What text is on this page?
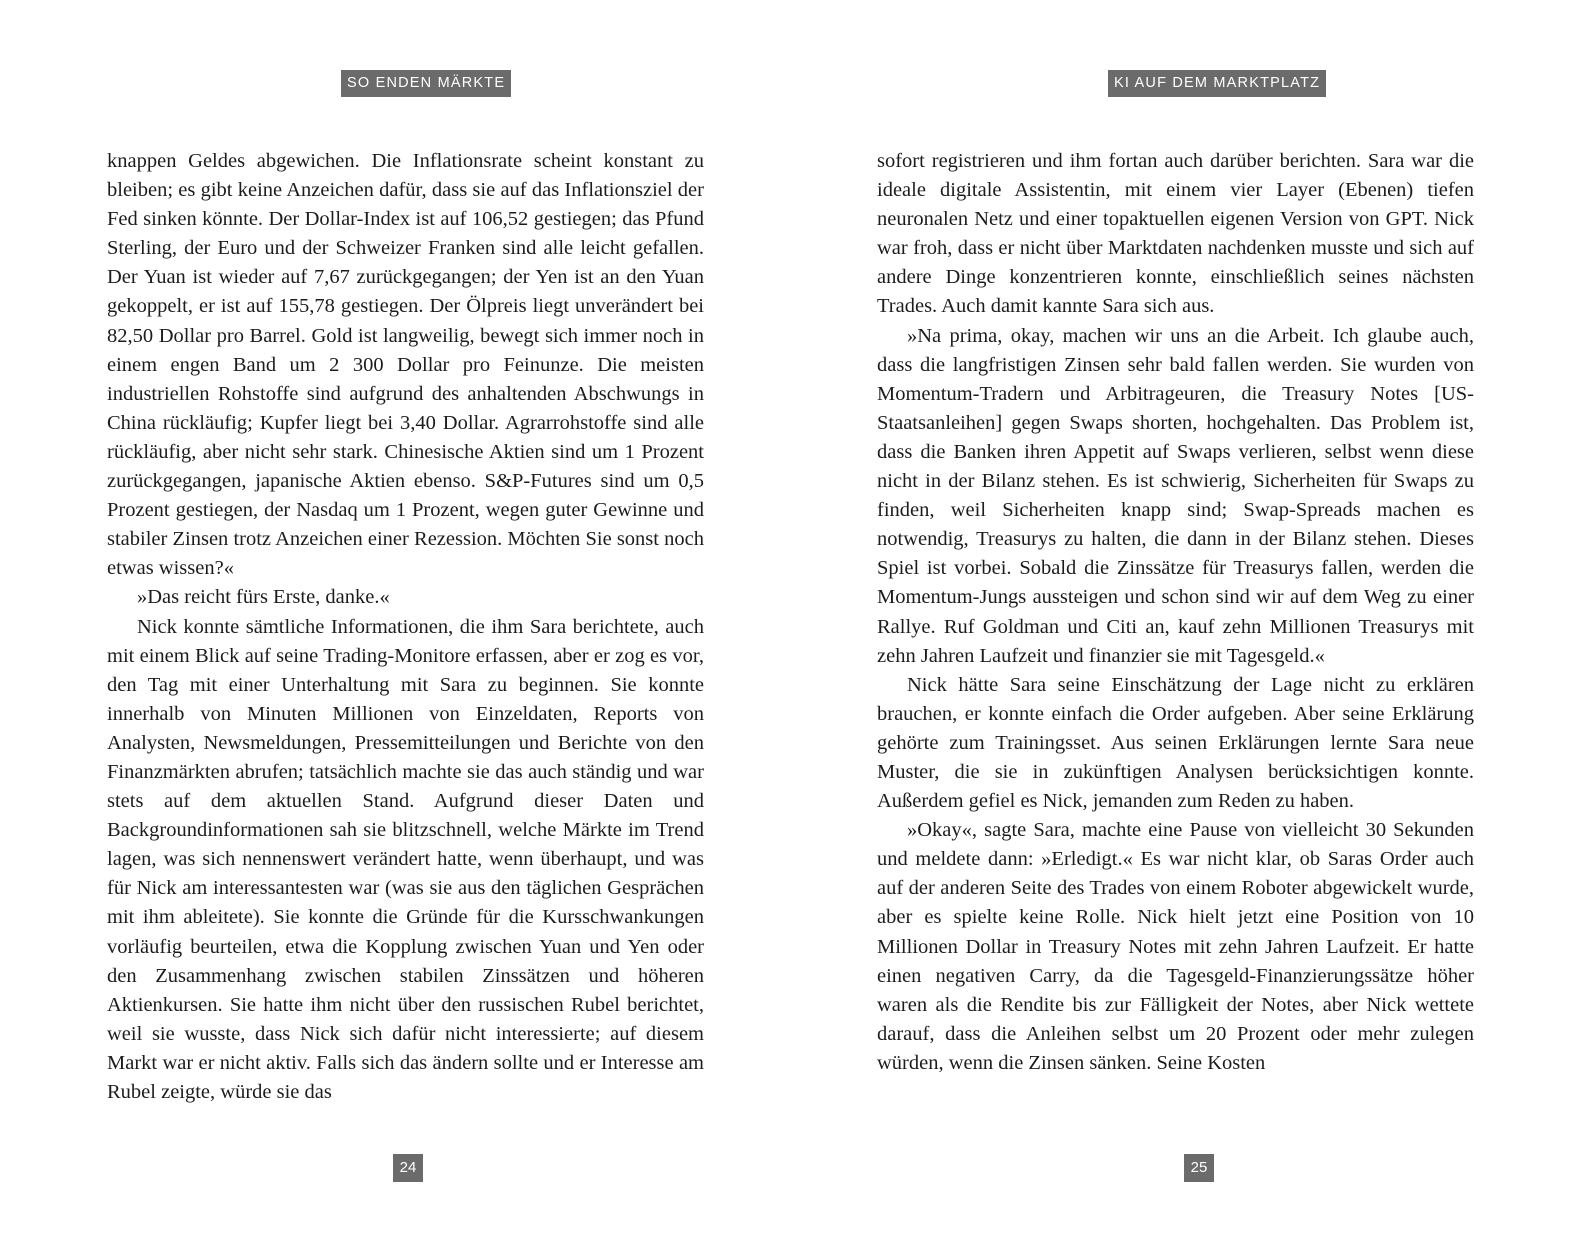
SO ENDEN MÄRKTE

knappen Geldes abgewichen. Die Inflationsrate scheint konstant zu bleiben; es gibt keine Anzeichen dafür, dass sie auf das Inflationsziel der Fed sinken könnte. Der Dollar-Index ist auf 106,52 gestiegen; das Pfund Sterling, der Euro und der Schweizer Franken sind alle leicht gefallen. Der Yuan ist wieder auf 7,67 zurückgegangen; der Yen ist an den Yuan gekoppelt, er ist auf 155,78 gestiegen. Der Ölpreis liegt unverändert bei 82,50 Dollar pro Barrel. Gold ist langweilig, bewegt sich immer noch in einem engen Band um 2 300 Dollar pro Feinunze. Die meisten industriellen Rohstoffe sind aufgrund des anhaltenden Abschwungs in China rückläufig; Kupfer liegt bei 3,40 Dollar. Agrarrohstoffe sind alle rückläufig, aber nicht sehr stark. Chinesische Aktien sind um 1 Prozent zurückgegangen, japanische Aktien ebenso. S&P-Futures sind um 0,5 Prozent gestiegen, der Nasdaq um 1 Prozent, wegen guter Gewinne und stabiler Zinsen trotz Anzeichen einer Rezession. Möchten Sie sonst noch etwas wissen?«

»Das reicht fürs Erste, danke.«

Nick konnte sämtliche Informationen, die ihm Sara berichtete, auch mit einem Blick auf seine Trading-Monitore erfassen, aber er zog es vor, den Tag mit einer Unterhaltung mit Sara zu beginnen. Sie konnte innerhalb von Minuten Millionen von Einzeldaten, Reports von Analysten, Newsmeldungen, Pressemitteilungen und Berichte von den Finanzmärkten abrufen; tatsächlich machte sie das auch ständig und war stets auf dem aktuellen Stand. Aufgrund dieser Daten und Backgroundinformationen sah sie blitzschnell, welche Märkte im Trend lagen, was sich nennenswert verändert hatte, wenn überhaupt, und was für Nick am interessantesten war (was sie aus den täglichen Gesprächen mit ihm ableitete). Sie konnte die Gründe für die Kursschwankungen vorläufig beurteilen, etwa die Kopplung zwischen Yuan und Yen oder den Zusammenhang zwischen stabilen Zinssätzen und höheren Aktienkursen. Sie hatte ihm nicht über den russischen Rubel berichtet, weil sie wusste, dass Nick sich dafür nicht interessierte; auf diesem Markt war er nicht aktiv. Falls sich das ändern sollte und er Interesse am Rubel zeigte, würde sie das

24
KI AUF DEM MARKTPLATZ

sofort registrieren und ihm fortan auch darüber berichten. Sara war die ideale digitale Assistentin, mit einem vier Layer (Ebenen) tiefen neuronalen Netz und einer topaktuellen eigenen Version von GPT. Nick war froh, dass er nicht über Marktdaten nachdenken musste und sich auf andere Dinge konzentrieren konnte, einschließlich seines nächsten Trades. Auch damit kannte Sara sich aus.

»Na prima, okay, machen wir uns an die Arbeit. Ich glaube auch, dass die langfristigen Zinsen sehr bald fallen werden. Sie wurden von Momentum-Tradern und Arbitrageuren, die Treasury Notes [US-Staatsanleihen] gegen Swaps shorten, hochgehalten. Das Problem ist, dass die Banken ihren Appetit auf Swaps verlieren, selbst wenn diese nicht in der Bilanz stehen. Es ist schwierig, Sicherheiten für Swaps zu finden, weil Sicherheiten knapp sind; Swap-Spreads machen es notwendig, Treasurys zu halten, die dann in der Bilanz stehen. Dieses Spiel ist vorbei. Sobald die Zinssätze für Treasurys fallen, werden die Momentum-Jungs aussteigen und schon sind wir auf dem Weg zu einer Rallye. Ruf Goldman und Citi an, kauf zehn Millionen Treasurys mit zehn Jahren Laufzeit und finanzier sie mit Tagesgeld.«

Nick hätte Sara seine Einschätzung der Lage nicht zu erklären brauchen, er konnte einfach die Order aufgeben. Aber seine Erklärung gehörte zum Trainingsset. Aus seinen Erklärungen lernte Sara neue Muster, die sie in zukünftigen Analysen berücksichtigen konnte. Außerdem gefiel es Nick, jemanden zum Reden zu haben.

»Okay«, sagte Sara, machte eine Pause von vielleicht 30 Sekunden und meldete dann: »Erledigt.« Es war nicht klar, ob Saras Order auch auf der anderen Seite des Trades von einem Roboter abgewickelt wurde, aber es spielte keine Rolle. Nick hielt jetzt eine Position von 10 Millionen Dollar in Treasury Notes mit zehn Jahren Laufzeit. Er hatte einen negativen Carry, da die Tagesgeld-Finanzierungssätze höher waren als die Rendite bis zur Fälligkeit der Notes, aber Nick wettete darauf, dass die Anleihen selbst um 20 Prozent oder mehr zulegen würden, wenn die Zinsen sänken. Seine Kosten

25
